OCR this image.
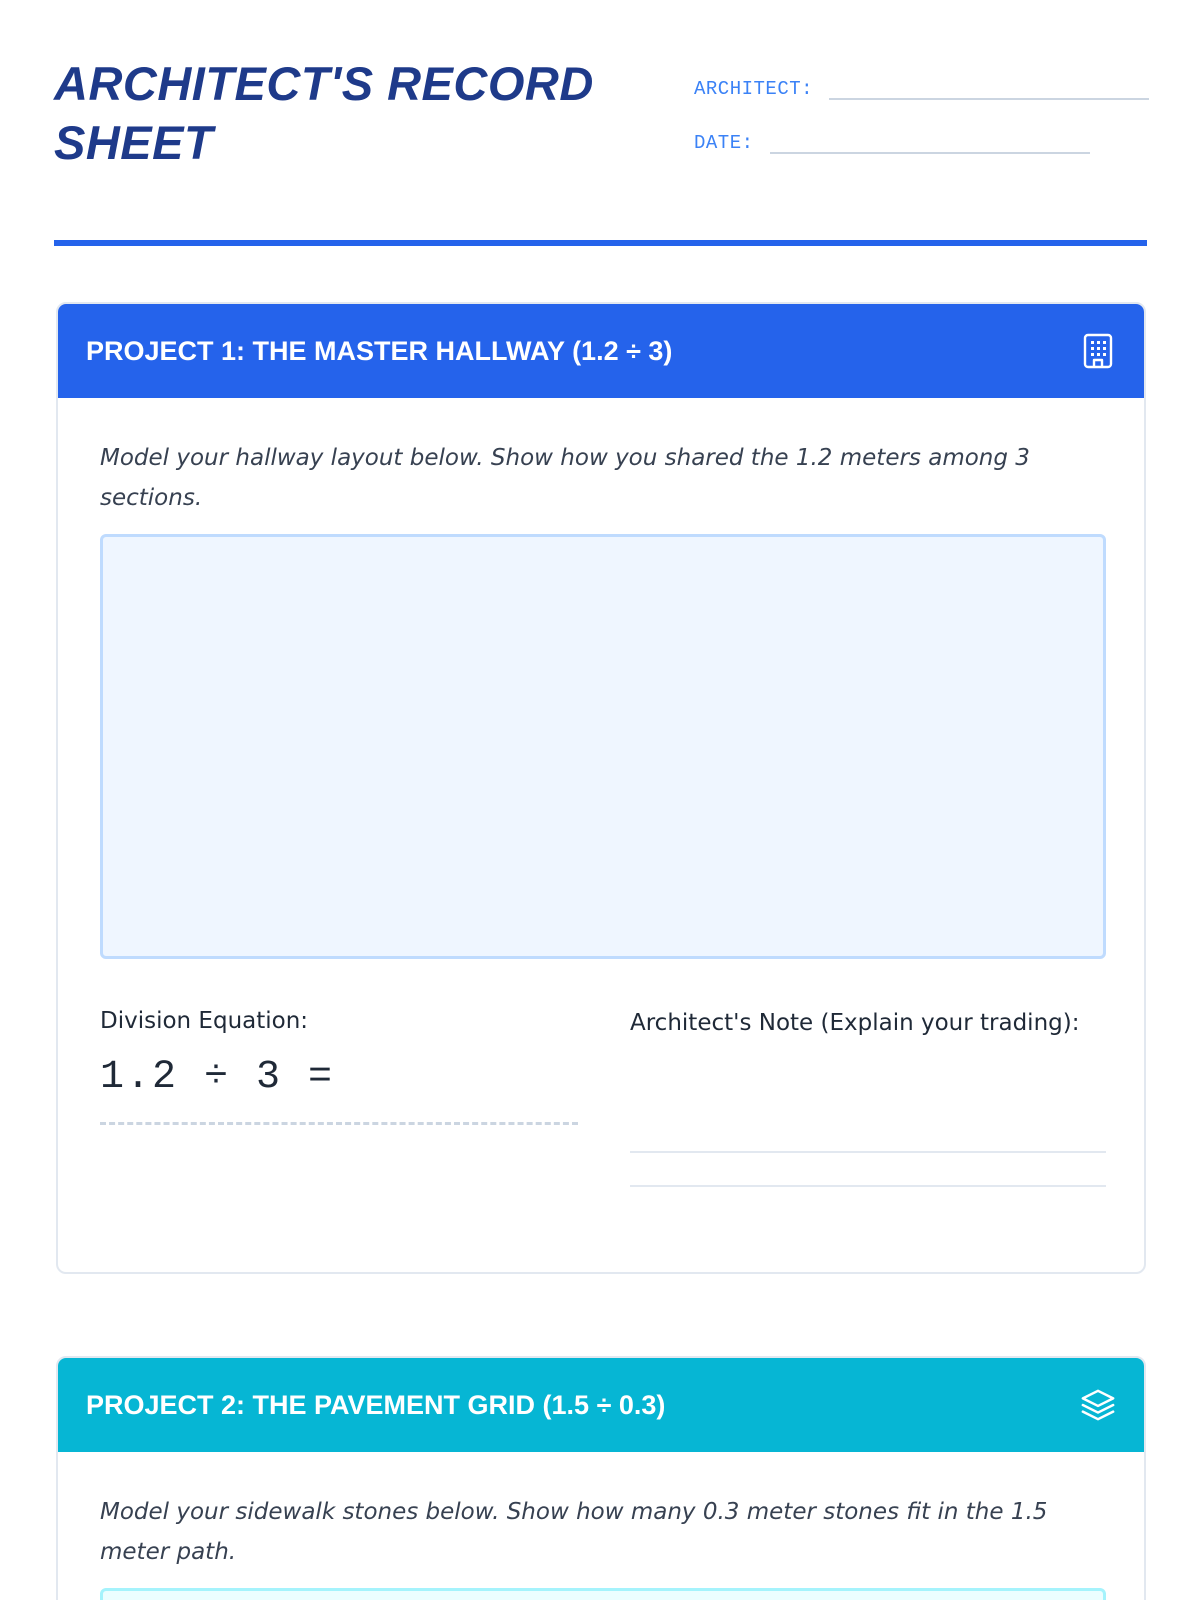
ARCHITECT'S RECORD SHEET
ARCHITECT:
DATE:
PROJECT 1: THE MASTER HALLWAY (1.2 ÷ 3)

Model your hallway layout below. Show how you shared the 1.2 meters among 3 sections.

Division Equation:
1.2 ÷ 3 =
Architect's Note (Explain your trading):
PROJECT 2: THE PAVEMENT GRID (1.5 ÷ 0.3)

Model your sidewalk stones below. Show how many 0.3 meter stones fit in the 1.5 meter path.
